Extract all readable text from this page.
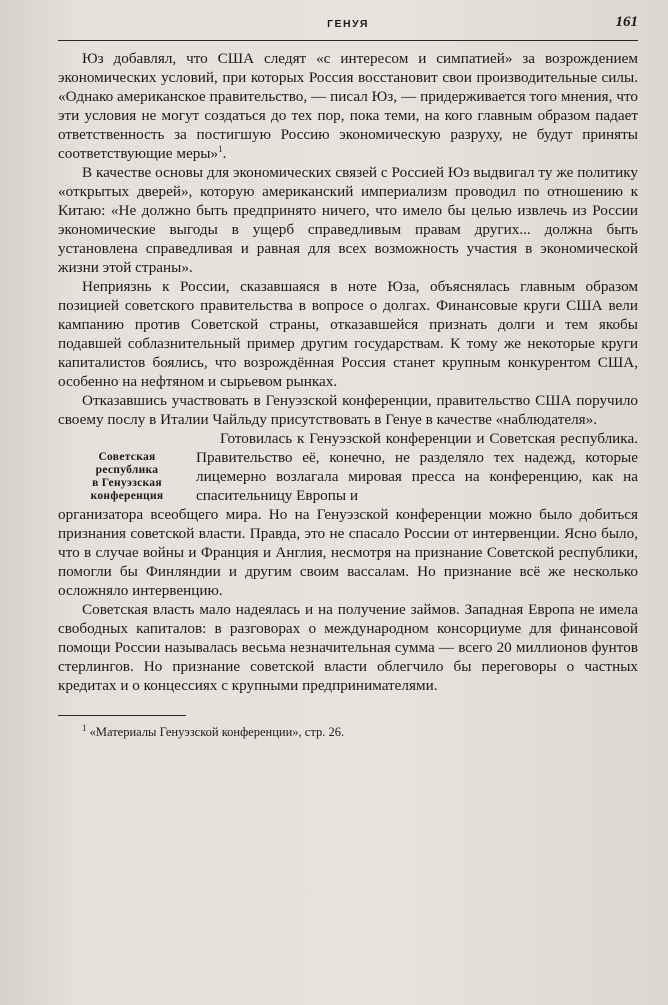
ГЕНУЯ	161

Юз добавлял, что США следят «с интересом и симпатией» за возрождением экономических условий, при которых Россия восстановит свои производительные силы. «Однако американское правительство, — писал Юз, — придерживается того мнения, что эти условия не могут создаться до тех пор, пока теми, на кого главным образом падает ответственность за постигшую Россию экономическую разруху, не будут приняты соответствующие меры»$^1$.

В качестве основы для экономических связей с Россией Юз выдвигал ту же политику «открытых дверей», которую американский империализм проводил по отношению к Китаю: «Не должно быть предпринято ничего, что имело бы целью извлечь из России экономические выгоды в ущерб справедливым правам других... должна быть установлена справедливая и равная для всех возможность участия в экономической жизни этой страны».

Неприязнь к России, сказавшаяся в ноте Юза, объяснялась главным образом позицией советского правительства в вопросе о долгах. Финансовые круги США вели кампанию против Советской страны, отказавшейся признать долги и тем якобы подавшей соблазнительный пример другим государствам. К тому же некоторые круги капиталистов боялись, что возрождённая Россия станет крупным конкурентом США, особенно на нефтяном и сырьевом рынках.

Отказавшись участвовать в Генуэзской конференции, правительство США поручило своему послу в Италии Чайльду присутствовать в Генуе в качестве «наблюдателя».

Советская
республика
в Генуэзская
конференция

Готовилась к Генуэзской конференции и Советская республика. Правительство её, конечно, не разделяло тех надежд, которые лицемерно возлагала мировая пресса на конференцию, как на спасительницу Европы и

организатора всеобщего мира. Но на Генуэзской конференции можно было добиться признания советской власти. Правда, это не спасало России от интервенции. Ясно было, что в случае войны и Франция и Англия, несмотря на признание Советской республики, помогли бы Финляндии и другим своим вассалам. Но признание всё же несколько осложняло интервенцию.

Советская власть мало надеялась и на получение займов. Западная Европа не имела свободных капиталов: в разговорах о международном консорциуме для финансовой помощи России называлась весьма незначительная сумма — всего 20 миллионов фунтов стерлингов. Но признание советской власти облегчило бы переговоры о частных кредитах и о концессиях с крупными предпринимателями.

$^1$ «Материалы Генуэзской конференции», стр. 26.
